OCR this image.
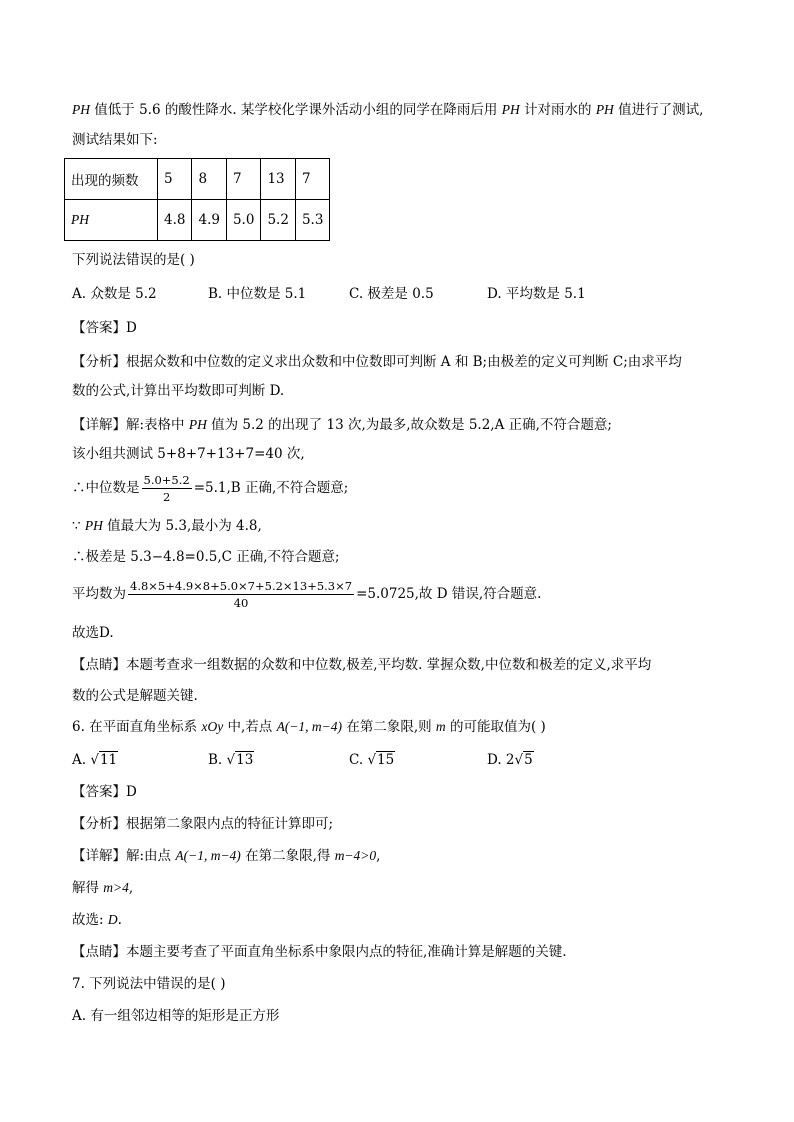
PH 值低于 5.6 的酸性降水. 某学校化学课外活动小组的同学在降雨后用 PH 计对雨水的 PH 值进行了测试,
测试结果如下:
出现的频数	5	8	7	13	7
PH	4.8	4.9	5.0	5.2	5.3
下列说法错误的是( )
A. 众数是 5.2	B. 中位数是 5.1	C. 极差是 0.5	D. 平均数是 5.1
【答案】D
【分析】根据众数和中位数的定义求出众数和中位数即可判断 A 和 B;由极差的定义可判断 C;由求平均
数的公式,计算出平均数即可判断 D.
【详解】解:表格中 PH 值为 5.2 的出现了 13 次,为最多,故众数是 5.2,A 正确,不符合题意;
该小组共测试 5+8+7+13+7=40 次,
∴中位数是 $\frac{5.0+5.2}{2} =5.1,B$ 正确,不符合题意;
∵ PH 值最大为 5.3,最小为 4.8,
∴极差是 5.3−4.8=0.5,C 正确,不符合题意;
平均数为 $\frac{4.8\times 5+4.9\times 8+5.0\times 7+5.2\times 13+5.3\times 7}{40} =5.0725$,故 D 错误,符合题意.
故选D.
【点睛】本题考查求一组数据的众数和中位数,极差,平均数. 掌握众数,中位数和极差的定义,求平均
数的公式是解题关键.
6. 在平面直角坐标系 xOy 中,若点 A(−1, m−4) 在第二象限,则 m 的可能取值为( )
A. √11	B. √13	C. √15	D. 2√5
【答案】D
【分析】根据第二象限内点的特征计算即可;
【详解】解:由点 A(−1, m−4) 在第二象限,得 m−4>0,
解得 m>4,
故选: D.
【点睛】本题主要考查了平面直角坐标系中象限内点的特征,准确计算是解题的关键.
7. 下列说法中错误的是( )
A. 有一组邻边相等的矩形是正方形
